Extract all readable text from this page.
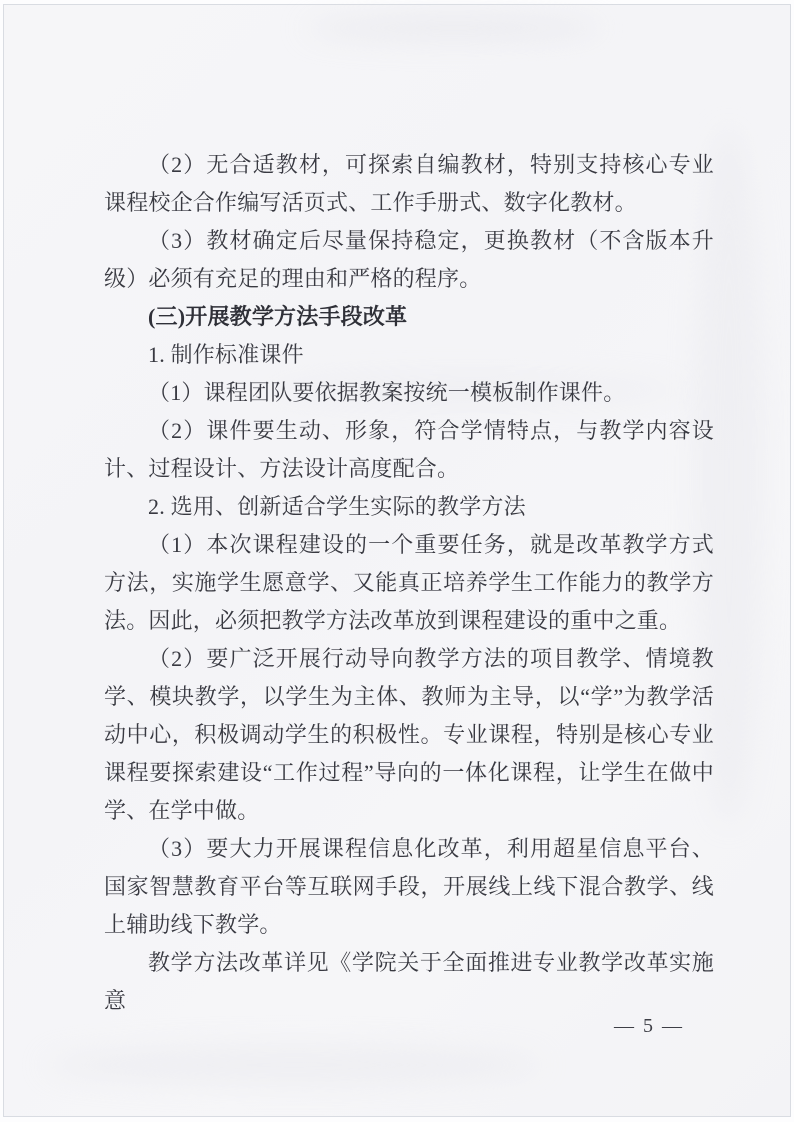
（2）无合适教材，可探索自编教材，特别支持核心专业课程校企合作编写活页式、工作手册式、数字化教材。

（3）教材确定后尽量保持稳定，更换教材（不含版本升级）必须有充足的理由和严格的程序。

(三)开展教学方法手段改革

1. 制作标准课件

（1）课程团队要依据教案按统一模板制作课件。

（2）课件要生动、形象，符合学情特点，与教学内容设计、过程设计、方法设计高度配合。

2. 选用、创新适合学生实际的教学方法

（1）本次课程建设的一个重要任务，就是改革教学方式方法，实施学生愿意学、又能真正培养学生工作能力的教学方法。因此，必须把教学方法改革放到课程建设的重中之重。

（2）要广泛开展行动导向教学方法的项目教学、情境教学、模块教学，以学生为主体、教师为主导，以“学”为教学活动中心，积极调动学生的积极性。专业课程，特别是核心专业课程要探索建设“工作过程”导向的一体化课程，让学生在做中学、在学中做。

（3）要大力开展课程信息化改革，利用超星信息平台、国家智慧教育平台等互联网手段，开展线上线下混合教学、线上辅助线下教学。

教学方法改革详见《学院关于全面推进专业教学改革实施意

— 5 —
